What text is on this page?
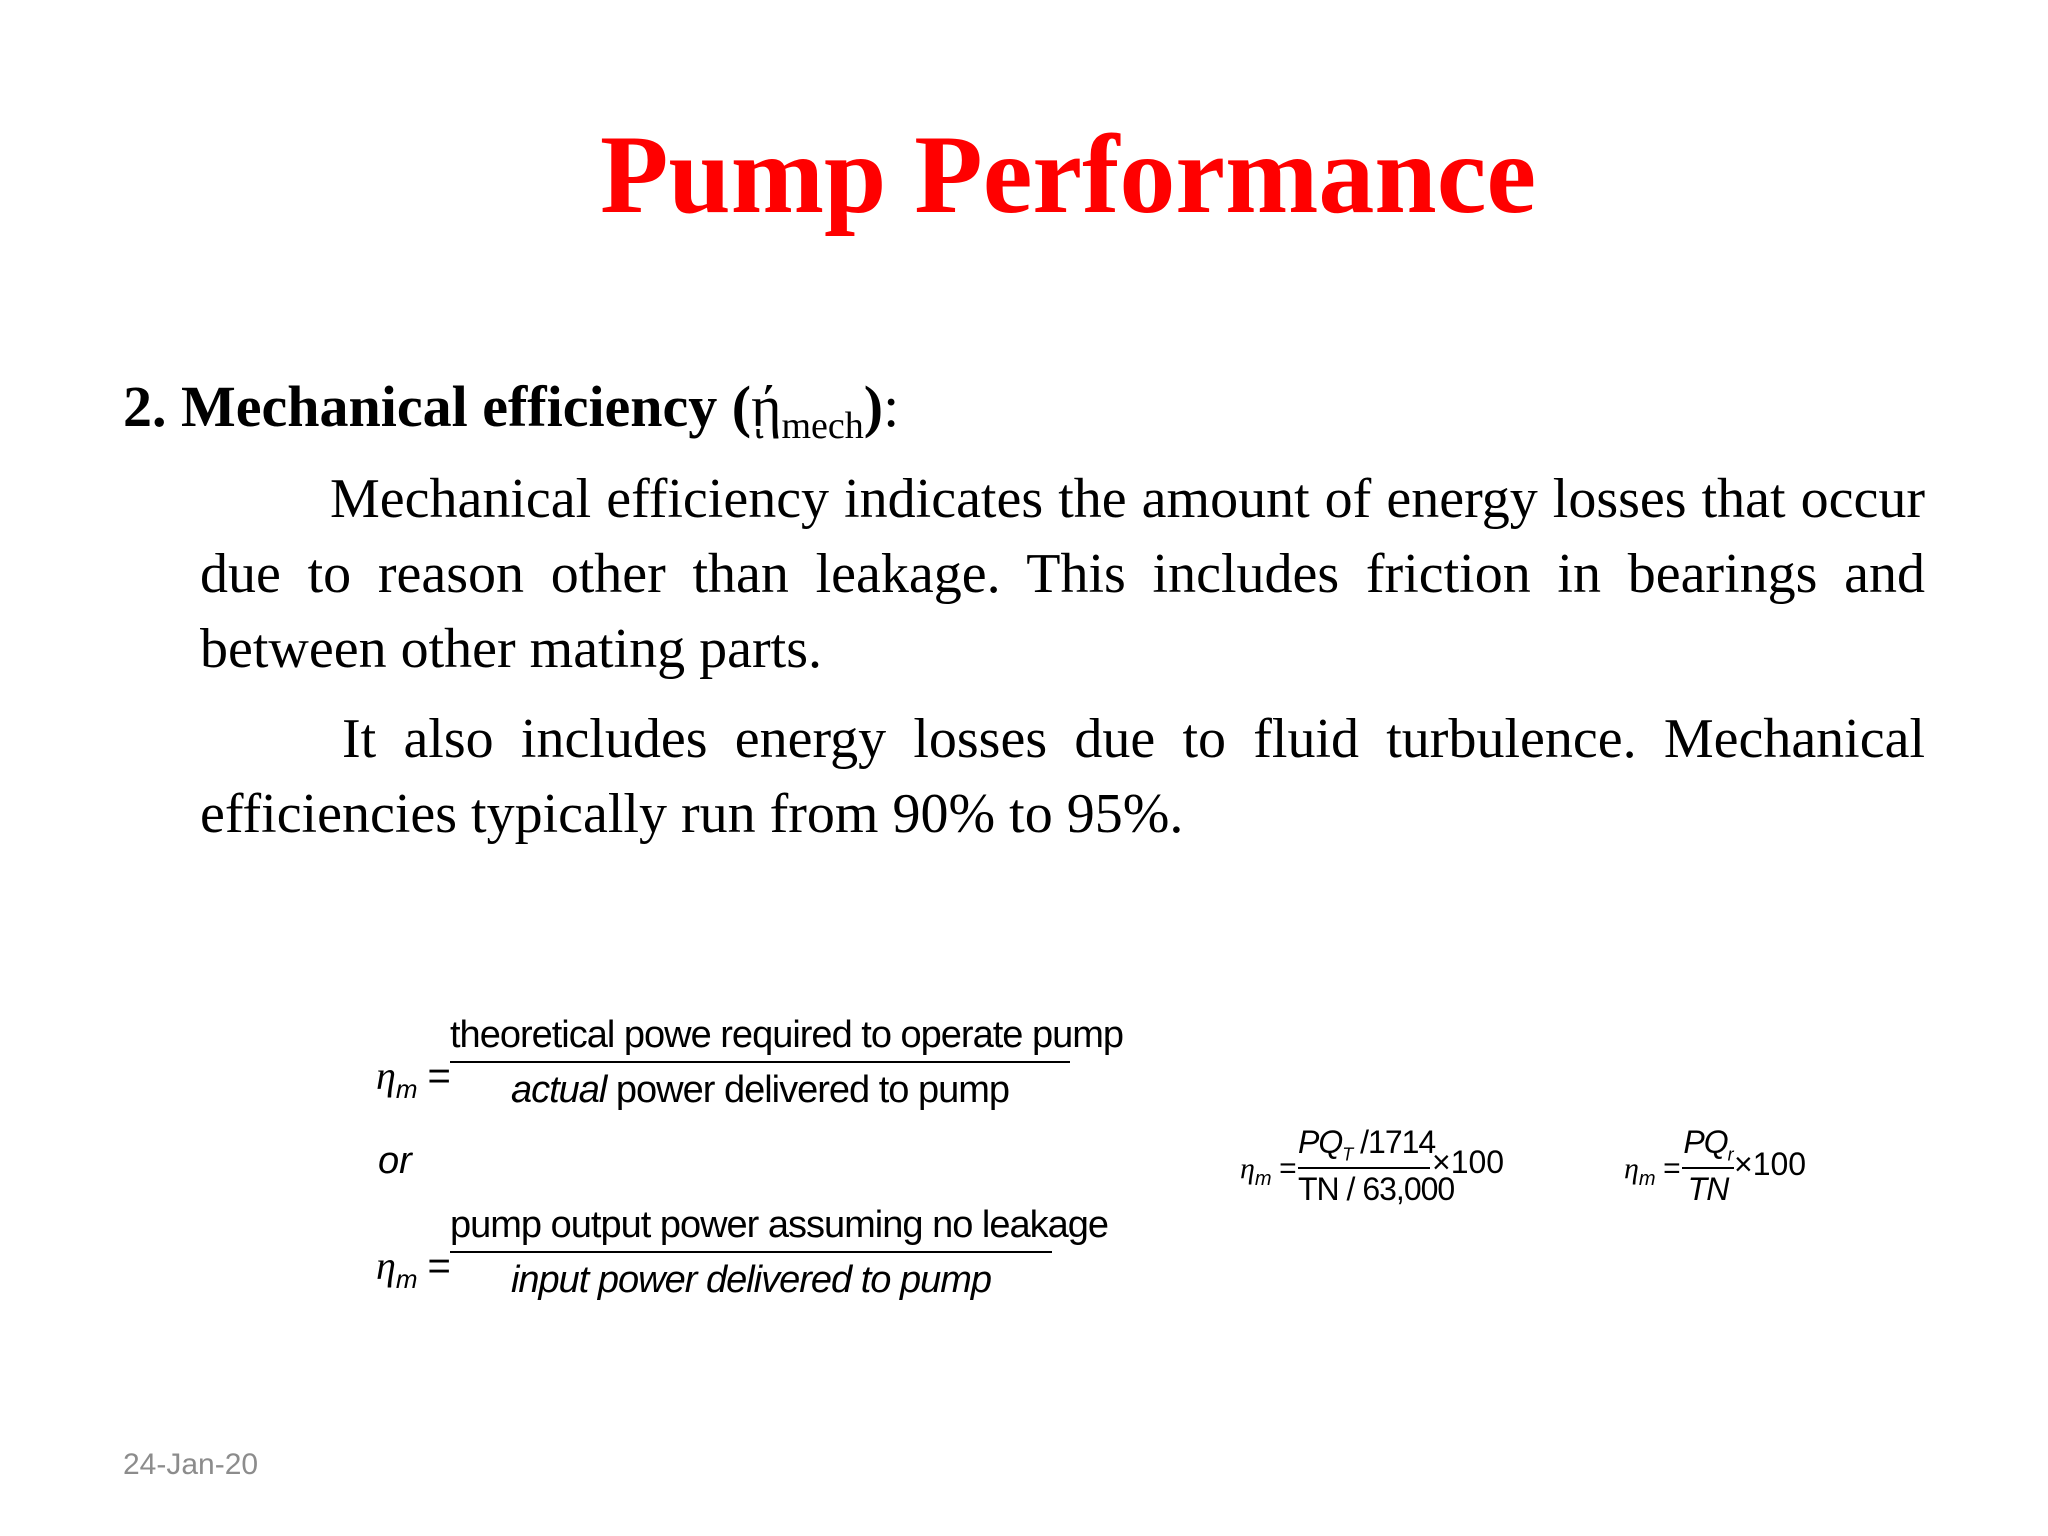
Pump Performance
2. Mechanical efficiency (ῄ$_{mech}$):
Mechanical efficiency indicates the amount of energy losses that occur due to reason other than leakage. This includes friction in bearings and between other mating parts.
It also includes energy losses due to fluid turbulence. Mechanical efficiencies typically run from 90% to 95%.
$\eta_m$ =
theoretical powe required to operate pump
actual power delivered to pump
or
$\eta_m$ =
pump output power assuming no leakage
input power delivered to pump
$\eta_m$ =
$PQ_T$ /1714
TN / 63,000
×100	$\eta_m$ =
$PQ_r$
TN
×100
24-Jan-20
